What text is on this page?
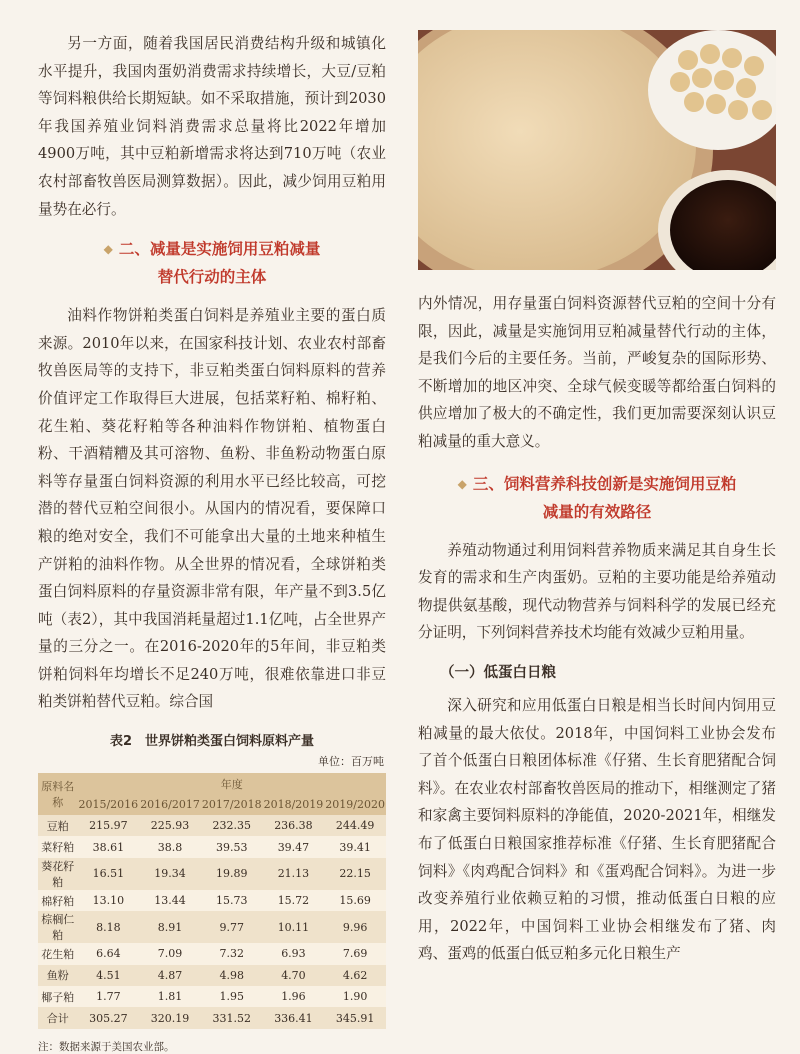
另一方面，随着我国居民消费结构升级和城镇化水平提升，我国肉蛋奶消费需求持续增长，大豆/豆粕等饲料粮供给长期短缺。如不采取措施，预计到2030年我国养殖业饲料消费需求总量将比2022年增加4900万吨，其中豆粕新增需求将达到710万吨（农业农村部畜牧兽医局测算数据）。因此，减少饲用豆粕用量势在必行。

◆ 二、减量是实施饲用豆粕减量
替代行动的主体

油料作物饼粕类蛋白饲料是养殖业主要的蛋白质来源。2010年以来，在国家科技计划、农业农村部畜牧兽医局等的支持下，非豆粕类蛋白饲料原料的营养价值评定工作取得巨大进展，包括菜籽粕、棉籽粕、花生粕、葵花籽粕等各种油料作物饼粕、植物蛋白粉、干酒精糟及其可溶物、鱼粉、非鱼粉动物蛋白原料等存量蛋白饲料资源的利用水平已经比较高，可挖潜的替代豆粕空间很小。从国内的情况看，要保障口粮的绝对安全，我们不可能拿出大量的土地来种植生产饼粕的油料作物。从全世界的情况看，全球饼粕类蛋白饲料原料的存量资源非常有限，年产量不到3.5亿吨（表2），其中我国消耗量超过1.1亿吨，占全世界产量的三分之一。在2016-2020年的5年间，非豆粕类饼粕饲料年均增长不足240万吨，很难依靠进口非豆粕类饼粕替代豆粕。综合国

表2　世界饼粕类蛋白饲料原料产量
单位：百万吨
原料名称	年度				
	2015/2016	2016/2017	2017/2018	2018/2019	2019/2020
豆粕	215.97	225.93	232.35	236.38	244.49
菜籽粕	38.61	38.8	39.53	39.47	39.41
葵花籽粕	16.51	19.34	19.89	21.13	22.15
棉籽粕	13.10	13.44	15.73	15.72	15.69
棕榈仁粕	8.18	8.91	9.77	10.11	9.96
花生粕	6.64	7.09	7.32	6.93	7.69
鱼粉	4.51	4.87	4.98	4.70	4.62
椰子粕	1.77	1.81	1.95	1.96	1.90
合计	305.27	320.19	331.52	336.41	345.91
注：数据来源于美国农业部。

内外情况，用存量蛋白饲料资源替代豆粕的空间十分有限，因此，减量是实施饲用豆粕减量替代行动的主体，是我们今后的主要任务。当前，严峻复杂的国际形势、不断增加的地区冲突、全球气候变暖等都给蛋白饲料的供应增加了极大的不确定性，我们更加需要深刻认识豆粕减量的重大意义。

◆ 三、饲料营养科技创新是实施饲用豆粕
减量的有效路径

养殖动物通过利用饲料营养物质来满足其自身生长发育的需求和生产肉蛋奶。豆粕的主要功能是给养殖动物提供氨基酸，现代动物营养与饲料科学的发展已经充分证明，下列饲料营养技术均能有效减少豆粕用量。

（一）低蛋白日粮

深入研究和应用低蛋白日粮是相当长时间内饲用豆粕减量的最大依仗。2018年，中国饲料工业协会发布了首个低蛋白日粮团体标准《仔猪、生长育肥猪配合饲料》。在农业农村部畜牧兽医局的推动下，相继测定了猪和家禽主要饲料原料的净能值，2020-2021年，相继发布了低蛋白日粮国家推荐标准《仔猪、生长育肥猪配合饲料》《肉鸡配合饲料》和《蛋鸡配合饲料》。为进一步改变养殖行业依赖豆粕的习惯，推动低蛋白日粮的应用，2022年，中国饲料工业协会相继发布了猪、肉鸡、蛋鸡的低蛋白低豆粕多元化日粮生产
